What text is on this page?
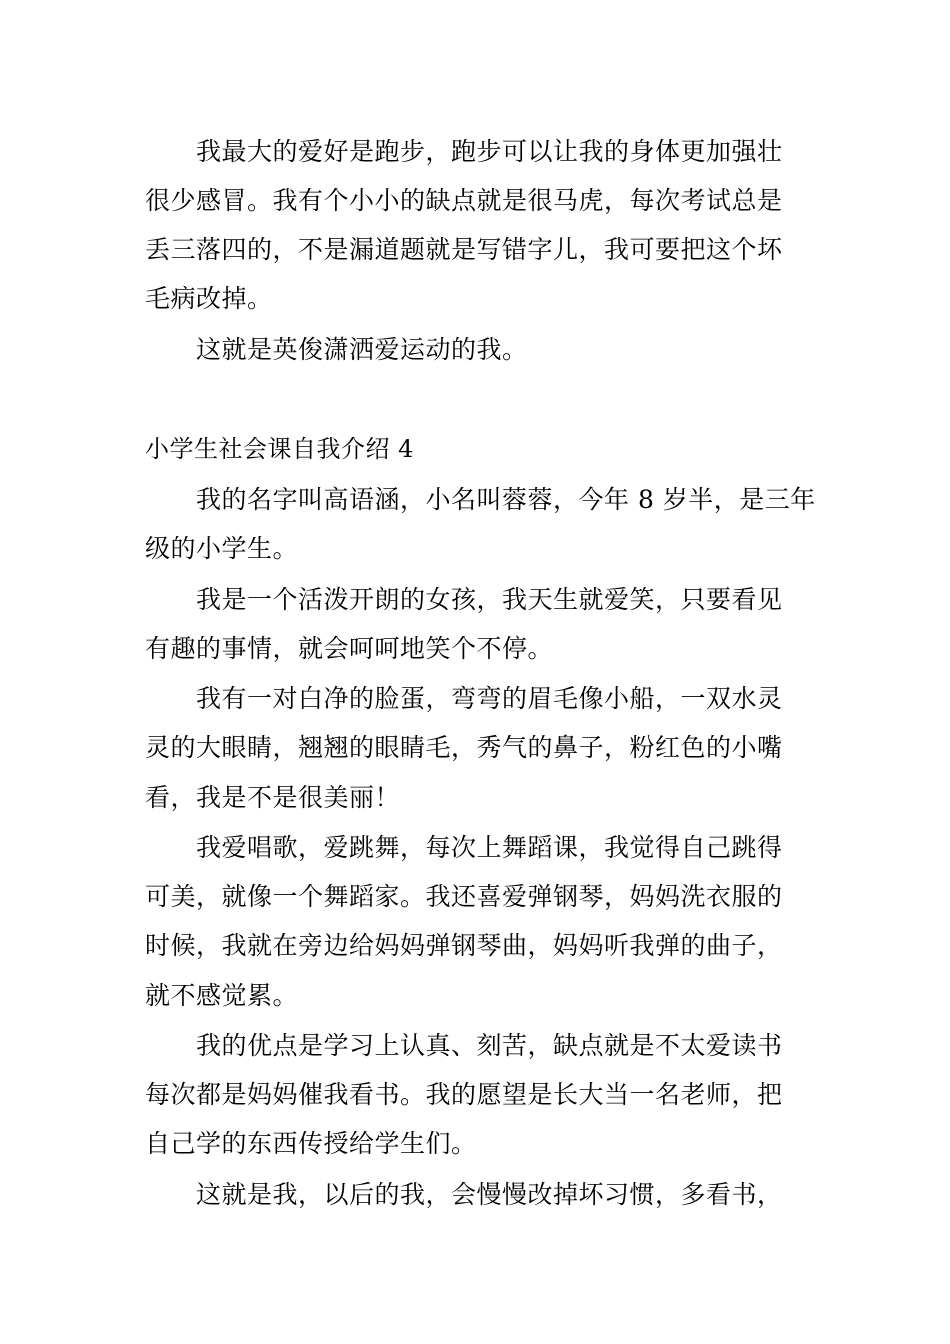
我最大的爱好是跑步，跑步可以让我的身体更加强壮
很少感冒。我有个小小的缺点就是很马虎，每次考试总是
丢三落四的，不是漏道题就是写错字儿，我可要把这个坏
毛病改掉。
这就是英俊潇洒爱运动的我。
小学生社会课自我介绍 4
我的名字叫高语涵，小名叫蓉蓉，今年 8 岁半，是三年
级的小学生。
我是一个活泼开朗的女孩，我天生就爱笑，只要看见
有趣的事情，就会呵呵地笑个不停。
我有一对白净的脸蛋，弯弯的眉毛像小船，一双水灵
灵的大眼睛，翘翘的眼睛毛，秀气的鼻子，粉红色的小嘴
看，我是不是很美丽！
我爱唱歌，爱跳舞，每次上舞蹈课，我觉得自己跳得
可美，就像一个舞蹈家。我还喜爱弹钢琴，妈妈洗衣服的
时候，我就在旁边给妈妈弹钢琴曲，妈妈听我弹的曲子，
就不感觉累。
我的优点是学习上认真、刻苦，缺点就是不太爱读书
每次都是妈妈催我看书。我的愿望是长大当一名老师，把
自己学的东西传授给学生们。
这就是我，以后的我，会慢慢改掉坏习惯，多看书，
